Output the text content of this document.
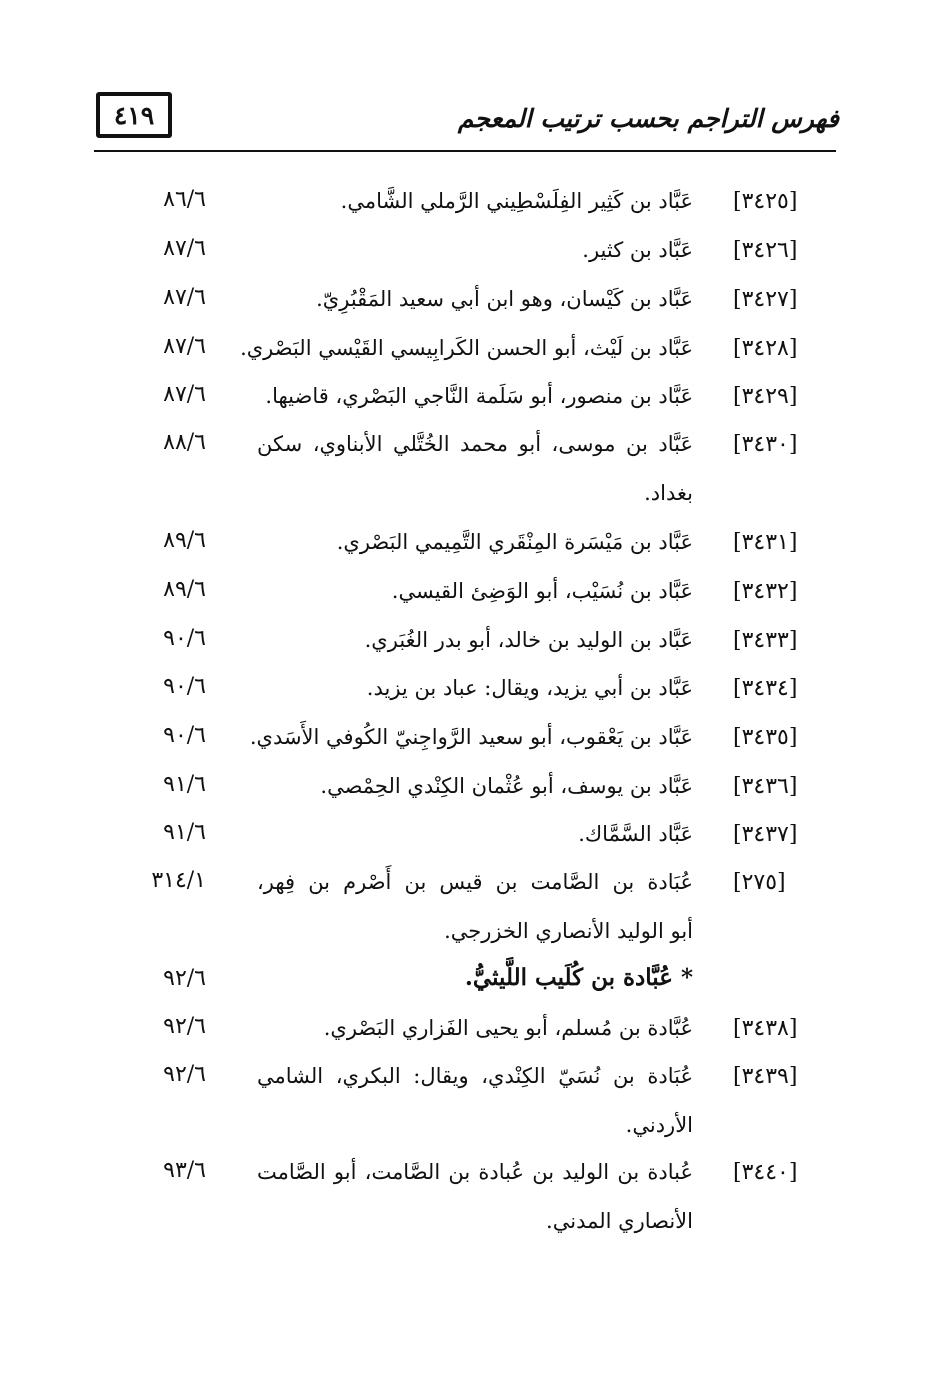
٤١٩	فهرس التراجم بحسب ترتيب المعجم
[٣٤٢٥]
عَبَّاد بن كَثِير الفِلَسْطِيني الرَّملي الشَّامي.
٨٦/٦
[٣٤٢٦]
عَبَّاد بن كثير.
٨٧/٦
[٣٤٢٧]
عَبَّاد بن كَيْسان، وهو ابن أبي سعيد المَقْبُرِيّ.
٨٧/٦
[٣٤٢٨]
عَبَّاد بن لَيْث، أبو الحسن الكَرابِيسي القَيْسي البَصْري.
٨٧/٦
[٣٤٢٩]
عَبَّاد بن منصور، أبو سَلَمة النَّاجي البَصْري، قاضيها.
٨٧/٦
[٣٤٣٠]
عَبَّاد بن موسى، أبو محمد الخُتَّلي الأبناوي، سكن
بغداد.
٨٨/٦
[٣٤٣١]
عَبَّاد بن مَيْسَرة المِنْقَري التَّمِيمي البَصْري.
٨٩/٦
[٣٤٣٢]
عَبَّاد بن نُسَيْب، أبو الوَضِئ القيسي.
٨٩/٦
[٣٤٣٣]
عَبَّاد بن الوليد بن خالد، أبو بدر الغُبَري.
٩٠/٦
[٣٤٣٤]
عَبَّاد بن أبي يزيد، ويقال: عباد بن يزيد.
٩٠/٦
[٣٤٣٥]
عَبَّاد بن يَعْقوب، أبو سعيد الرَّواجِنيّ الكُوفي الأَسَدي.
٩٠/٦
[٣٤٣٦]
عَبَّاد بن يوسف، أبو عُثْمان الكِنْدي الحِمْصي.
٩١/٦
[٣٤٣٧]
عَبَّاد السَّمَّاك.
٩١/٦
[٢٧٥]
عُبَادة بن الصَّامت بن قيس بن أَصْرم بن فِهر،
أبو الوليد الأنصاري الخزرجي.
٣١٤/١
* عُبَّادة بن كُلَيب اللَّيثيُّ.
٩٢/٦
[٣٤٣٨]
عُبَّادة بن مُسلم، أبو يحيى الفَزاري البَصْري.
٩٢/٦
[٣٤٣٩]
عُبَادة بن نُسَيّ الكِنْدي، ويقال: البكري، الشامي
الأردني.
٩٢/٦
[٣٤٤٠]
عُبادة بن الوليد بن عُبادة بن الصَّامت، أبو الصَّامت
الأنصاري المدني.
٩٣/٦
